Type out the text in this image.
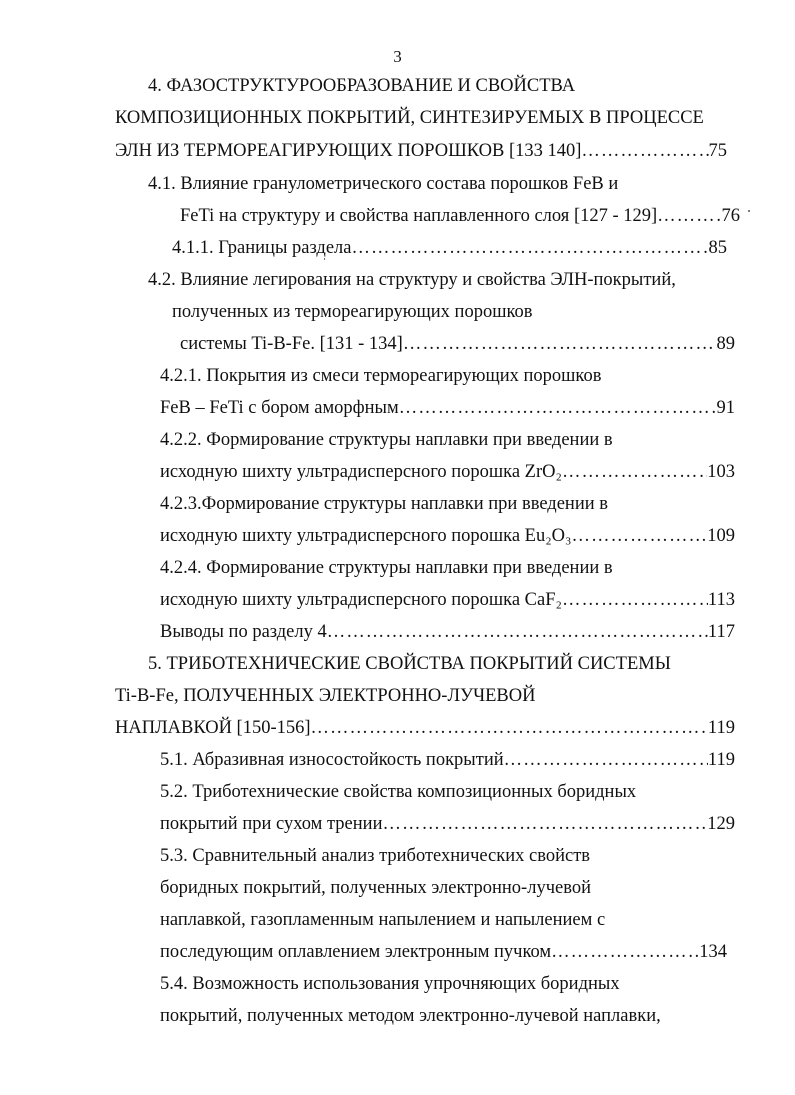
3
4. ФАЗОСТРУКТУРООБРАЗОВАНИЕ И СВОЙСТВА
КОМПОЗИЦИОННЫХ ПОКРЫТИЙ, СИНТЕЗИРУЕМЫХ В ПРОЦЕССЕ
ЭЛН ИЗ ТЕРМОРЕАГИРУЮЩИХ ПОРОШКОВ [133 140] …………………………………………………………………………………………………………………………………………………………………	75
4.1. Влияние гранулометрического состава порошков FeB и
FeTi на структуру и свойства наплавленного слоя [127 - 129] …………………………………………………………………………………………………………………………………………………………………	76
4.1.1. Границы раздела …………………………………………………………………………………………………………………………………………………………………	85
4.2. Влияние легирования на структуру и свойства ЭЛН-покрытий,
полученных из термореагирующих порошков
системы Ti-B-Fe. [131 - 134] …………………………………………………………………………………………………………………………………………………………………	89
4.2.1. Покрытия из смеси термореагирующих порошков
FeB – FeTi с бором аморфным …………………………………………………………………………………………………………………………………………………………………	91
4.2.2. Формирование структуры наплавки при введении в
исходную шихту ультрадисперсного порошка ZrO₂ …………………………………………………………………………………………………………………………………………………………………	103
4.2.3.Формирование структуры наплавки при введении в
исходную шихту ультрадисперсного порошка Eu₂O₃ …………………………………………………………………………………………………………………………………………………………………	109
4.2.4. Формирование структуры наплавки при введении в
исходную шихту ультрадисперсного порошка CaF₂ …………………………………………………………………………………………………………………………………………………………………	113
Выводы по разделу 4 …………………………………………………………………………………………………………………………………………………………………	117
5. ТРИБОТЕХНИЧЕСКИЕ СВОЙСТВА ПОКРЫТИЙ СИСТЕМЫ
Ti-B-Fe, ПОЛУЧЕННЫХ ЭЛЕКТРОННО-ЛУЧЕВОЙ
НАПЛАВКОЙ [150-156] …………………………………………………………………………………………………………………………………………………………………	119
5.1. Абразивная износостойкость покрытий …………………………………………………………………………………………………………………………………………………………………	119
5.2. Триботехнические свойства композиционных боридных
покрытий при сухом трении …………………………………………………………………………………………………………………………………………………………………	129
5.3. Сравнительный анализ триботехнических свойств
боридных покрытий, полученных электронно-лучевой
наплавкой, газопламенным напылением и напылением с
последующим оплавлением электронным пучком …………………………………………………………………………………………………………………………………………………………………	134
5.4. Возможность использования упрочняющих боридных
покрытий, полученных методом электронно-лучевой наплавки,
